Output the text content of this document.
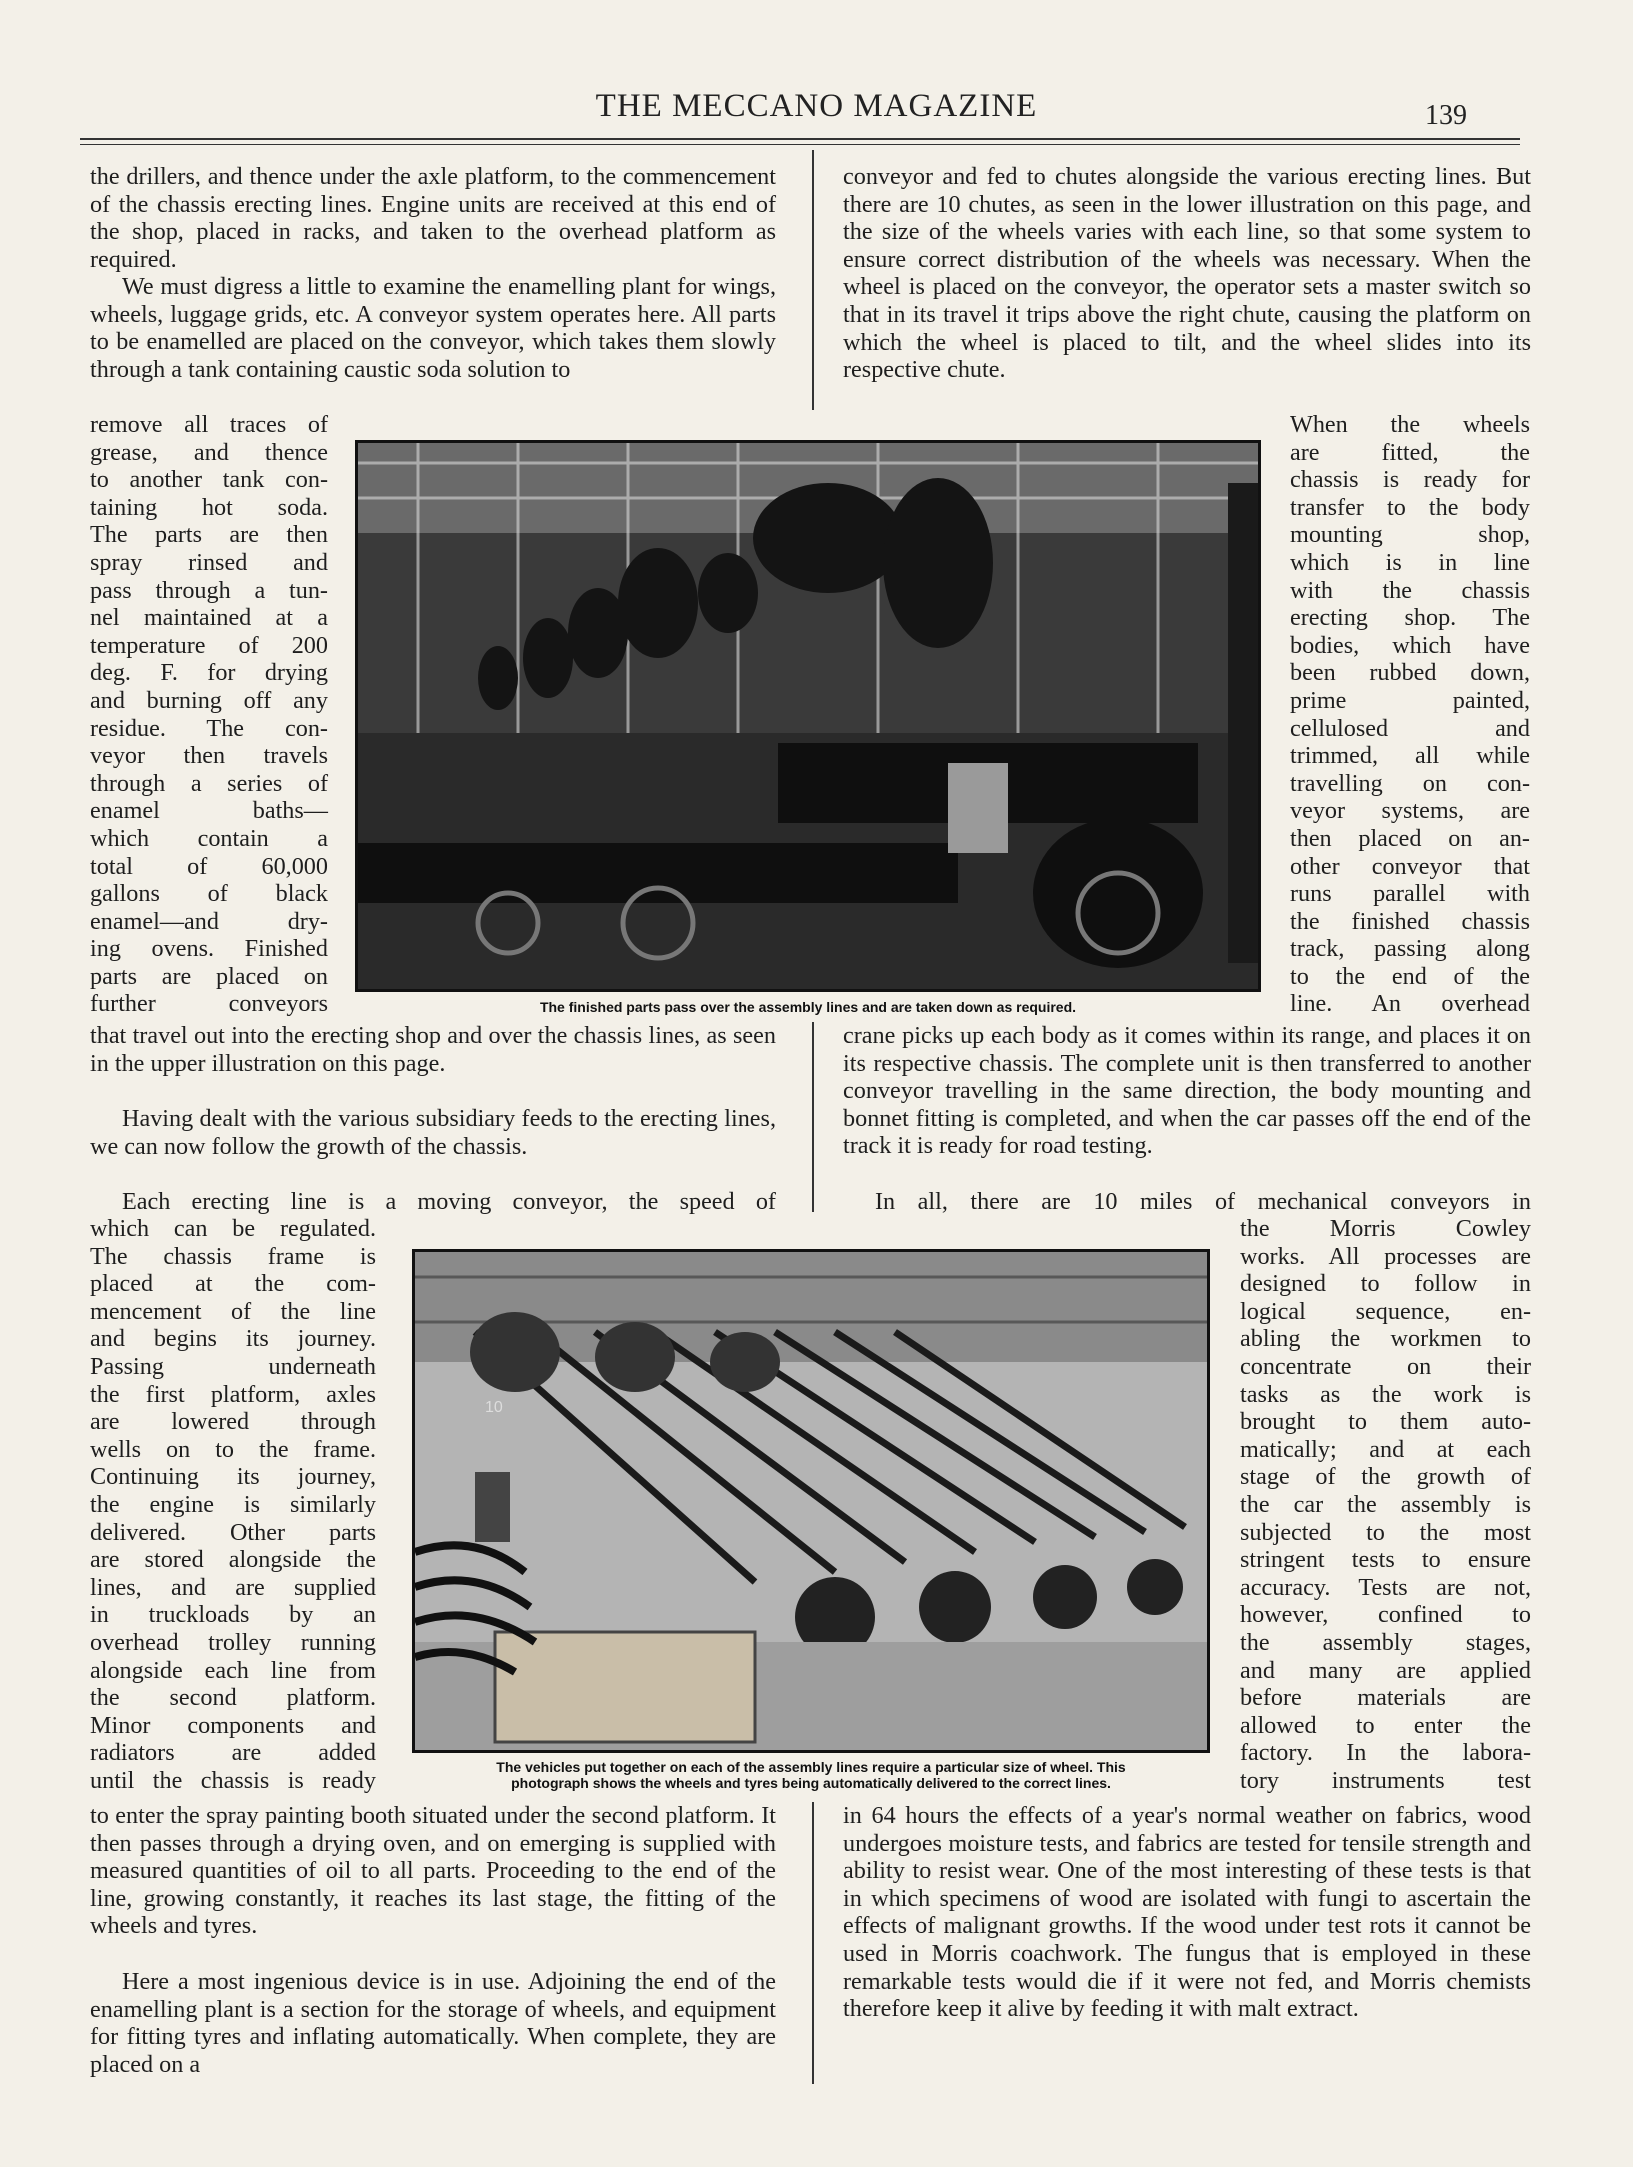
THE MECCANO MAGAZINE	139

the drillers, and thence under the axle platform, to the commencement of the chassis erecting lines. Engine units are received at this end of the shop, placed in racks, and taken to the overhead platform as required.

We must digress a little to examine the enamelling plant for wings, wheels, luggage grids, etc. A conveyor system operates here. All parts to be enamelled are placed on the conveyor, which takes them slowly through a tank containing caustic soda solution to

remove all traces of
grease, and thence
to another tank con-
taining hot soda.
The parts are then
spray rinsed and
pass through a tun-
nel maintained at a
temperature of 200
deg. F. for drying
and burning off any
residue. The con-
veyor then travels
through a series of
enamel baths—
which contain a
total of 60,000
gallons of black
enamel—and dry-
ing ovens. Finished
parts are placed on
further conveyors

that travel out into the erecting shop and over the chassis lines, as seen in the upper illustration on this page.

Having dealt with the various subsidiary feeds to the erecting lines, we can now follow the growth of the chassis.

Each erecting line is a moving conveyor, the speed of

which can be regulated.
The chassis frame is
placed at the com-
mencement of the line
and begins its journey.
Passing underneath
the first platform, axles
are lowered through
wells on to the frame.
Continuing its journey,
the engine is similarly
delivered. Other parts
are stored alongside the
lines, and are supplied
in truckloads by an
overhead trolley running
alongside each line from
the second platform.
Minor components and
radiators are added
until the chassis is ready

to enter the spray painting booth situated under the second platform. It then passes through a drying oven, and on emerging is supplied with measured quantities of oil to all parts. Proceeding to the end of the line, growing constantly, it reaches its last stage, the fitting of the wheels and tyres.

Here a most ingenious device is in use. Adjoining the end of the enamelling plant is a section for the storage of wheels, and equipment for fitting tyres and inflating automatically. When complete, they are placed on a

conveyor and fed to chutes alongside the various erecting lines. But there are 10 chutes, as seen in the lower illustration on this page, and the size of the wheels varies with each line, so that some system to ensure correct distribution of the wheels was necessary. When the wheel is placed on the conveyor, the operator sets a master switch so that in its travel it trips above the right chute, causing the platform on which the wheel is placed to tilt, and the wheel slides into its respective chute.

When the wheels
are fitted, the
chassis is ready for
transfer to the body
mounting shop,
which is in line
with the chassis
erecting shop. The
bodies, which have
been rubbed down,
prime painted,
cellulosed and
trimmed, all while
travelling on con-
veyor systems, are
then placed on an-
other conveyor that
runs parallel with
the finished chassis
track, passing along
to the end of the
line. An overhead

crane picks up each body as it comes within its range, and places it on its respective chassis. The complete unit is then transferred to another conveyor travelling in the same direction, the body mounting and bonnet fitting is completed, and when the car passes off the end of the track it is ready for road testing.

In all, there are 10 miles of mechanical conveyors in

the Morris Cowley
works. All processes are
designed to follow in
logical sequence, en-
abling the workmen to
concentrate on their
tasks as the work is
brought to them auto-
matically; and at each
stage of the growth of
the car the assembly is
subjected to the most
stringent tests to ensure
accuracy. Tests are not,
however, confined to
the assembly stages,
and many are applied
before materials are
allowed to enter the
factory. In the labora-
tory instruments test

in 64 hours the effects of a year's normal weather on fabrics, wood undergoes moisture tests, and fabrics are tested for tensile strength and ability to resist wear. One of the most interesting of these tests is that in which specimens of wood are isolated with fungi to ascertain the effects of malignant growths. If the wood under test rots it cannot be used in Morris coachwork. The fungus that is employed in these remarkable tests would die if it were not fed, and Morris chemists therefore keep it alive by feeding it with malt extract.

The finished parts pass over the assembly lines and are taken down as required.
10
The vehicles put together on each of the assembly lines require a particular size of wheel. This
photograph shows the wheels and tyres being automatically delivered to the correct lines.
